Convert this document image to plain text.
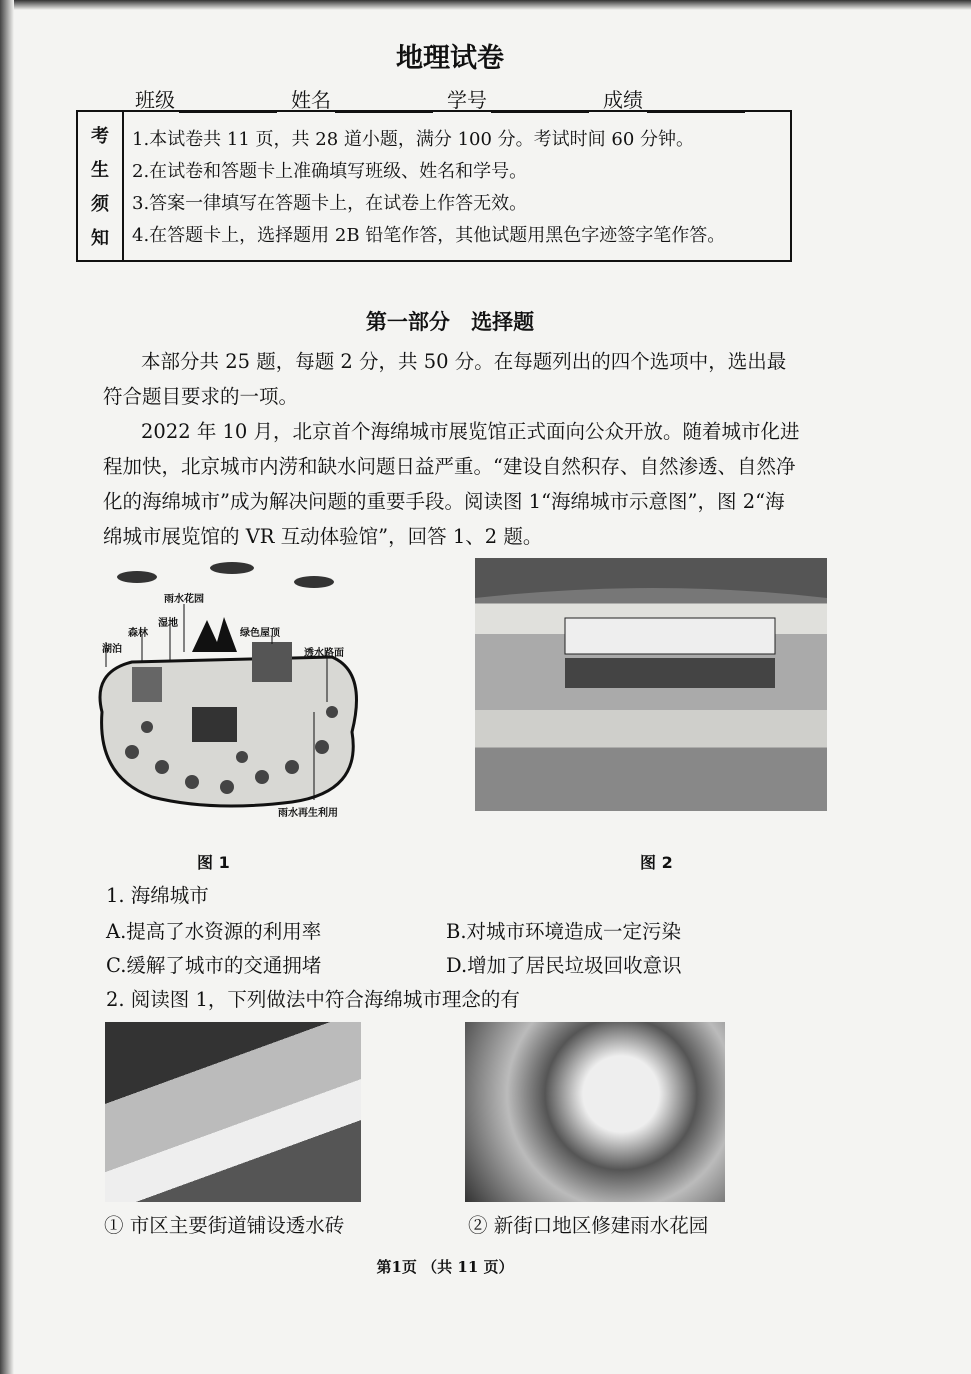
地理试卷
班级	姓名	学号	成绩
考
生
须
知
1.本试卷共 11 页，共 28 道小题，满分 100 分。考试时间 60 分钟。
2.在试卷和答题卡上准确填写班级、姓名和学号。
3.答案一律填写在答题卡上，在试卷上作答无效。
4.在答题卡上，选择题用 2B 铅笔作答，其他试题用黑色字迹签字笔作答。
第一部分 选择题
本部分共 25 题，每题 2 分，共 50 分。在每题列出的四个选项中，选出最符合题目要求的一项。
2022 年 10 月，北京首个海绵城市展览馆正式面向公众开放。随着城市化进程加快，北京城市内涝和缺水问题日益严重。“建设自然积存、自然渗透、自然净化的海绵城市”成为解决问题的重要手段。阅读图 1“海绵城市示意图”，图 2“海绵城市展览馆的 VR 互动体验馆”，回答 1、2 题。
雨水花园
森林
湿地
绿色屋顶
湖泊	透水路面
雨水再生利用
图 1	图 2
1. 海绵城市
A.提高了水资源的利用率	B.对城市环境造成一定污染
C.缓解了城市的交通拥堵	D.增加了居民垃圾回收意识
2. 阅读图 1，下列做法中符合海绵城市理念的有
① 市区主要街道铺设透水砖	② 新街口地区修建雨水花园
第1页 （共 11 页）
